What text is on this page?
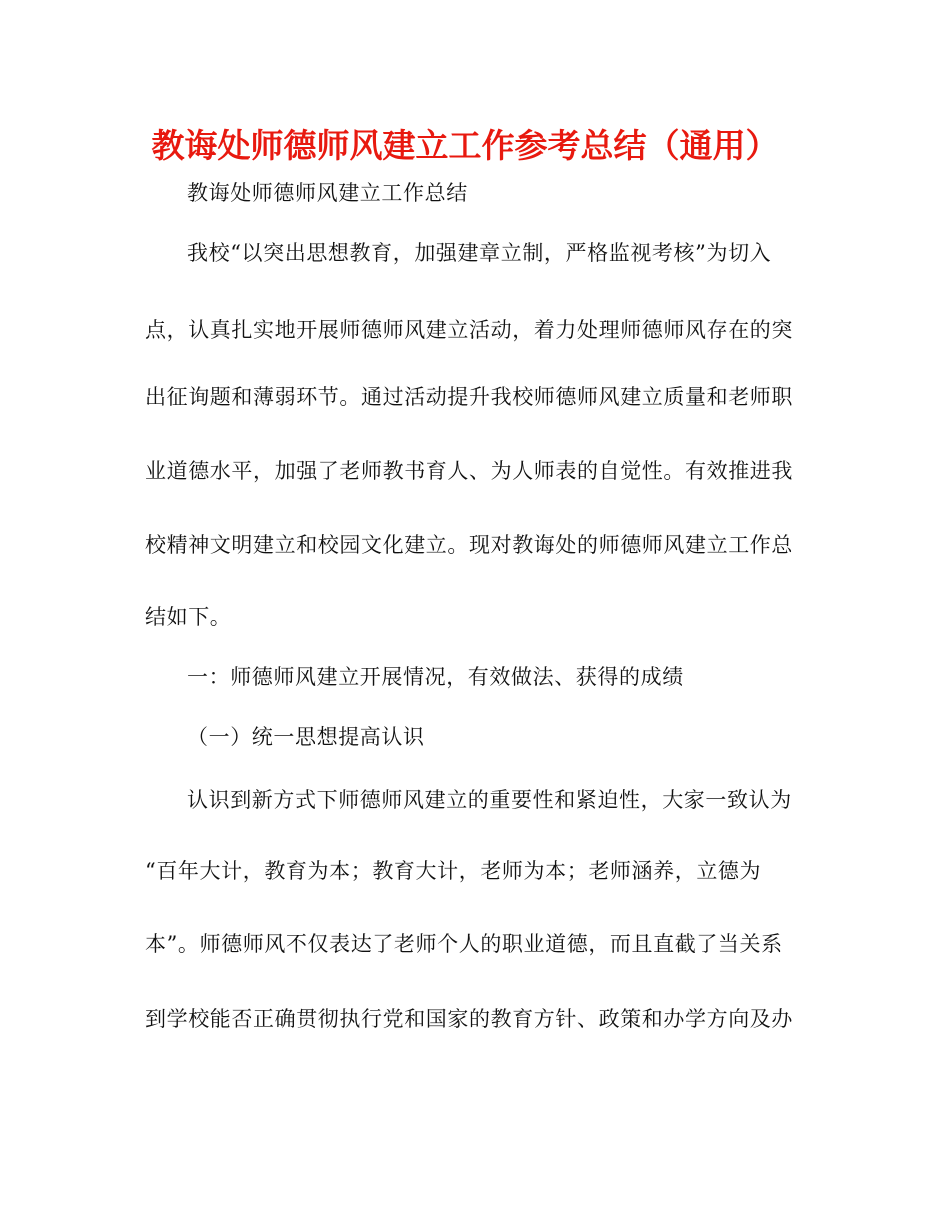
教诲处师德师风建立工作参考总结（通用）
教诲处师德师风建立工作总结
我校“以突出思想教育，加强建章立制，严格监视考核”为切入
点，认真扎实地开展师德师风建立活动，着力处理师德师风存在的突
出征询题和薄弱环节。通过活动提升我校师德师风建立质量和老师职
业道德水平，加强了老师教书育人、为人师表的自觉性。有效推进我
校精神文明建立和校园文化建立。现对教诲处的师德师风建立工作总
结如下。
一：师德师风建立开展情况，有效做法、获得的成绩
（一）统一思想提高认识
认识到新方式下师德师风建立的重要性和紧迫性，大家一致认为
“百年大计，教育为本；教育大计，老师为本；老师涵养，立德为
本”。师德师风不仅表达了老师个人的职业道德，而且直截了当关系
到学校能否正确贯彻执行党和国家的教育方针、政策和办学方向及办
